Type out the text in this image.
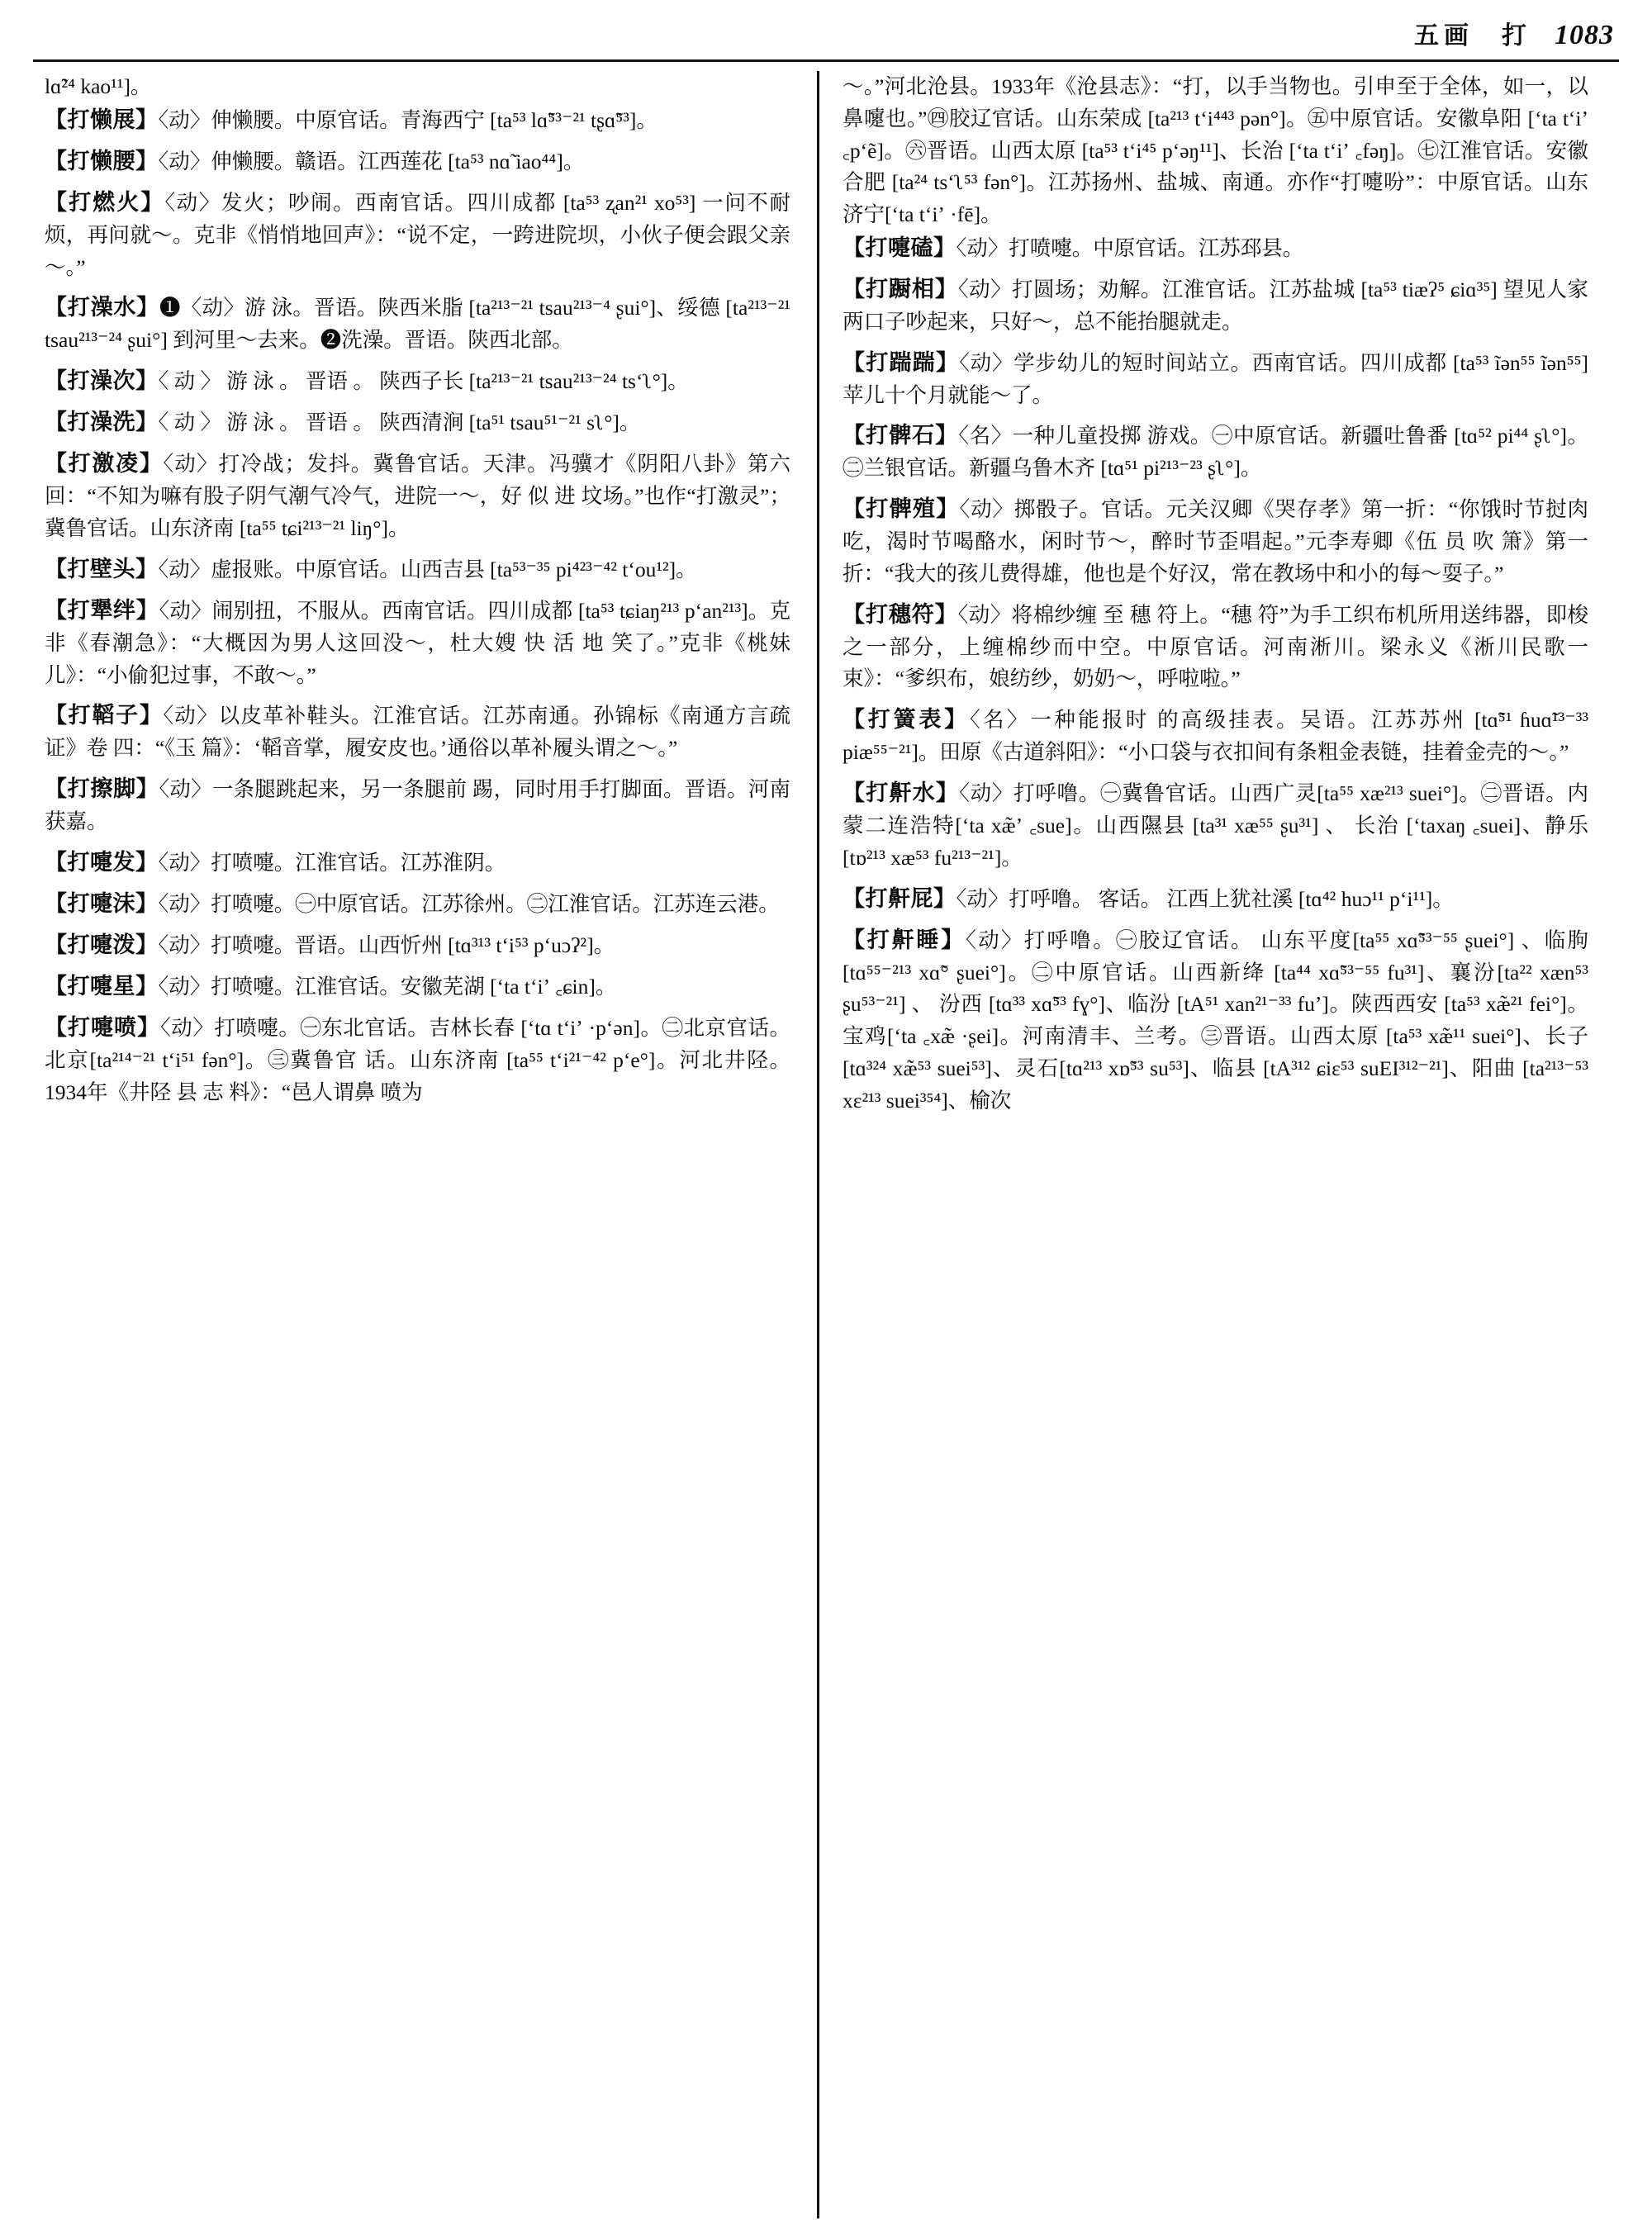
五画 打 1083

lɑ̃²⁴ kao¹¹]。

【打懒展】〈动〉伸懒腰。中原官话。青海西宁 [ta⁵³ lɑ̃⁵³⁻²¹ tʂɑ̃⁵³]。

【打懒腰】〈动〉伸懒腰。赣语。江西莲花 [ta⁵³ nɑ̃ iao⁴⁴]。

【打燃火】〈动〉发火；吵闹。西南官话。四川成都 [ta⁵³ ʐan²¹ xo⁵³] 一问不耐烦，再问就～。克非《悄悄地回声》：“说不定，一跨进院坝，小伙子便会跟父亲～。”

【打澡水】❶〈动〉游 泳。晋语。陕西米脂 [ta²¹³⁻²¹ tsau²¹³⁻⁴ ʂui°]、绥德 [ta²¹³⁻²¹ tsau²¹³⁻²⁴ ʂui°] 到河里～去来。❷洗澡。晋语。陕西北部。

【打澡次】〈 动 〉 游 泳 。 晋语 。 陕西子长 [ta²¹³⁻²¹ tsau²¹³⁻²⁴ tsʻʅ°]。

【打澡洗】〈 动 〉 游 泳 。 晋语 。 陕西清涧 [ta⁵¹ tsau⁵¹⁻²¹ sʅ°]。

【打激凌】〈动〉打冷战；发抖。冀鲁官话。天津。冯骥才《阴阳八卦》第六回：“不知为嘛有股子阴气潮气冷气，进院一～，好 似 进 坟场。”也作“打激灵”；冀鲁官话。山东济南 [ta⁵⁵ tɕi²¹³⁻²¹ liŋ°]。

【打壁头】〈动〉虚报账。中原官话。山西吉县 [ta⁵³⁻³⁵ pi⁴²³⁻⁴² tʻou¹²]。

【打犟绊】〈动〉闹别扭，不服从。西南官话。四川成都 [ta⁵³ tɕiaŋ²¹³ pʻan²¹³]。克非《春潮急》：“大概因为男人这回没～，杜大嫂 快 活 地 笑了。”克非《桃妹儿》：“小偷犯过事，不敢～。”

【打鞱子】〈动〉以皮革补鞋头。江淮官话。江苏南通。孙锦标《南通方言疏 证》卷 四：“《玉 篇》：‘鞱音掌，履安皮也。’通俗以革补履头谓之～。”

【打擦脚】〈动〉一条腿跳起来，另一条腿前 踢，同时用手打脚面。晋语。河南获嘉。

【打嚏发】〈动〉打喷嚏。江淮官话。江苏淮阴。

【打嚏沫】〈动〉打喷嚏。㊀中原官话。江苏徐州。㊁江淮官话。江苏连云港。

【打嚏泼】〈动〉打喷嚏。晋语。山西忻州 [tɑ³¹³ tʻi⁵³ pʻuɔʔ²]。

【打嚏星】〈动〉打喷嚏。江淮官话。安徽芜湖 [ʻta tʻiʼ ꜀ɕin]。

【打嚏喷】〈动〉打喷嚏。㊀东北官话。吉林长春 [ʻtɑ tʻiʼ ·pʻən]。㊁北京官话。北京[ta²¹⁴⁻²¹ tʻi⁵¹ fən°]。㊂冀鲁官 话。山东济南 [ta⁵⁵ tʻi²¹⁻⁴² pʻe°]。河北井陉。1934年《井陉 县 志 料》：“邑人谓鼻 喷为

～。”河北沧县。1933年《沧县志》：“打，以手当物也。引申至于全体，如一，以鼻嚔也。”㊃胶辽官话。山东荣成 [ta²¹³ tʻi⁴⁴³ pən°]。㊄中原官话。安徽阜阳 [ʻta tʻiʼ ꜀pʻẽ]。㊅晋语。山西太原 [ta⁵³ tʻi⁴⁵ pʻəŋ¹¹]、长治 [ʻta tʻiʼ ꜀fəŋ]。㊆江淮官话。安徽合肥 [ta²⁴ tsʻʅ⁵³ fən°]。江苏扬州、盐城、南通。亦作“打嚏吩”：中原官话。山东济宁[ʻta tʻiʼ ·fē]。

【打嚏磕】〈动〉打喷嚏。中原官话。江苏邳县。

【打蹰相】〈动〉打圆场；劝解。江淮官话。江苏盐城 [ta⁵³ tiæʔ⁵ ɕiɑ³⁵] 望见人家两口子吵起来，只好～，总不能抬腿就走。

【打踹踹】〈动〉学步幼儿的短时间站立。西南官话。四川成都 [ta⁵³ ĩən⁵⁵ ĩən⁵⁵] 苹儿十个月就能～了。

【打髀石】〈名〉一种儿童投掷 游戏。㊀中原官话。新疆吐鲁番 [tɑ⁵² pi⁴⁴ ʂʅ°]。㊁兰银官话。新疆乌鲁木齐 [tɑ⁵¹ pi²¹³⁻²³ ʂʅ°]。

【打髀殖】〈动〉掷骰子。官话。元关汉卿《哭存孝》第一折：“你饿时节挝肉吃，渴时节喝酪水，闲时节～，醉时节歪唱起。”元李寿卿《伍 员 吹 箫》第一折：“我大的孩儿费得雄，他也是个好汉，常在教场中和小的每～耍子。”

【打穗符】〈动〉将棉纱缠 至 穗 符上。“穗 符”为手工织布机所用送纬器，即梭之一部分，上缠棉纱而中空。中原官话。河南淅川。梁永义《淅川民歌一束》：“爹织布，娘纺纱，奶奶～，呼啦啦。”

【打簧表】〈名〉一种能报时 的高级挂表。吴语。江苏苏州 [tɑ̃⁵¹ ɦuɑ̃¹³⁻³³ piæ⁵⁵⁻²¹]。田原《古道斜阳》：“小口袋与衣扣间有条粗金表链，挂着金壳的～。”

【打鼾水】〈动〉打呼噜。㊀冀鲁官话。山西广灵[ta⁵⁵ xæ²¹³ suei°]。㊁晋语。内蒙二连浩特[ʻta xæ̃ʼ ꜀sue]。山西隰县 [ta³¹ xæ⁵⁵ ʂu³¹] 、 长治 [ʻtaxaŋ ꜀suei]、静乐[tɒ²¹³ xæ⁵³ fu²¹³⁻²¹]。

【打鼾屁】〈动〉打呼噜。 客话。 江西上犹社溪 [tɑ⁴² huɔ¹¹ pʻi¹¹]。

【打鼾睡】〈动〉打呼噜。㊀胶辽官话。 山东平度[ta⁵⁵ xɑ̃⁵³⁻⁵⁵ ʂuei°] 、临朐 [tɑ⁵⁵⁻²¹³ xɑ̃° ʂuei°]。㊁中原官话。山西新绛 [ta⁴⁴ xɑ̃⁵³⁻⁵⁵ fu³¹]、襄汾[ta²² xæn⁵³ ʂu⁵³⁻²¹] 、 汾西 [tɑ³³ xɑ̃⁵³ fɣ°]、临汾 [tA⁵¹ xan²¹⁻³³ fuʼ]。陕西西安 [ta⁵³ xæ̃²¹ fei°]。宝鸡[ʻta ꜀xæ̃ ·ʂei]。河南清丰、兰考。㊂晋语。山西太原 [ta⁵³ xæ̃¹¹ suei°]、长子 [tɑ³²⁴ xæ̃⁵³ suei⁵³]、灵石[tɑ²¹³ xɒ̃⁵³ su⁵³]、临县 [tA³¹² ɕiɛ⁵³ suEI³¹²⁻²¹]、阳曲 [ta²¹³⁻⁵³ xɛ²¹³ suei³⁵⁴]、榆次
